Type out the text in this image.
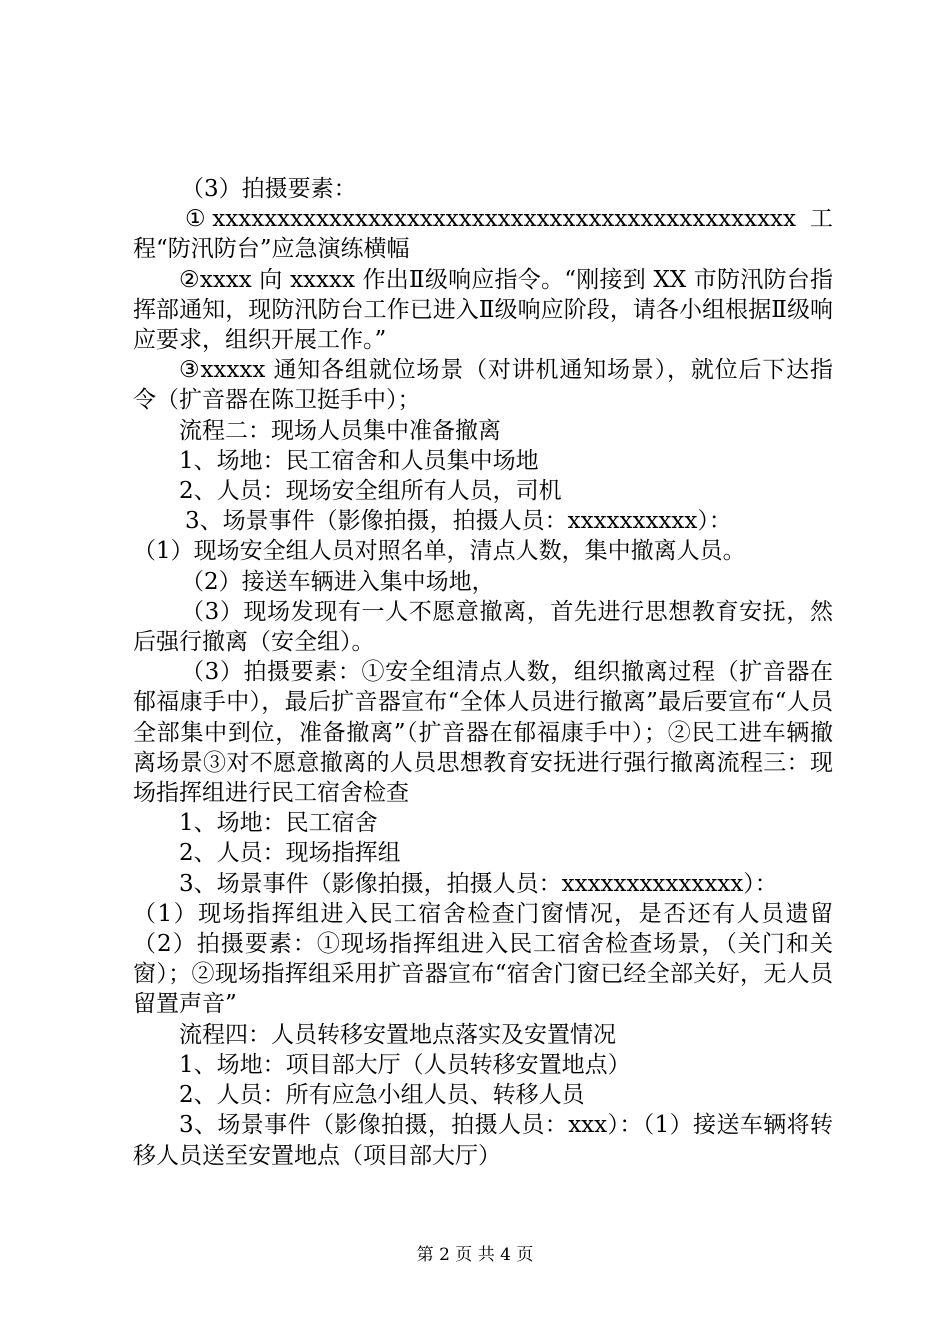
（3）拍摄要素：

①xxxxxxxxxxxxxxxxxxxxxxxxxxxxxxxxxxxxxxxxxxxxx 工程“防汛防台”应急演练横幅

②xxxx 向 xxxxx 作出Ⅱ级响应指令。“刚接到 XX 市防汛防台指挥部通知，现防汛防台工作已进入Ⅱ级响应阶段，请各小组根据Ⅱ级响应要求，组织开展工作。”

③xxxxx 通知各组就位场景（对讲机通知场景），就位后下达指令（扩音器在陈卫挺手中）；

流程二：现场人员集中准备撤离

1、场地：民工宿舍和人员集中场地

2、人员：现场安全组所有人员，司机

3、场景事件（影像拍摄，拍摄人员：xxxxxxxxxx）：

（1）现场安全组人员对照名单，清点人数，集中撤离人员。

（2）接送车辆进入集中场地，

（3）现场发现有一人不愿意撤离，首先进行思想教育安抚，然后强行撤离（安全组）。

（3）拍摄要素：①安全组清点人数，组织撤离过程（扩音器在郁福康手中），最后扩音器宣布“全体人员进行撤离”最后要宣布“人员全部集中到位，准备撤离”（扩音器在郁福康手中）；②民工进车辆撤离场景③对不愿意撤离的人员思想教育安抚进行强行撤离流程三：现场指挥组进行民工宿舍检查

1、场地：民工宿舍

2、人员：现场指挥组

3、场景事件（影像拍摄，拍摄人员：xxxxxxxxxxxxxx）：

（1）现场指挥组进入民工宿舍检查门窗情况，是否还有人员遗留（2）拍摄要素：①现场指挥组进入民工宿舍检查场景，（关门和关窗）；②现场指挥组采用扩音器宣布“宿舍门窗已经全部关好，无人员留置声音”

流程四：人员转移安置地点落实及安置情况

1、场地：项目部大厅（人员转移安置地点）

2、人员：所有应急小组人员、转移人员

3、场景事件（影像拍摄，拍摄人员：xxx）：（1）接送车辆将转移人员送至安置地点（项目部大厅）

第 2 页 共 4 页
